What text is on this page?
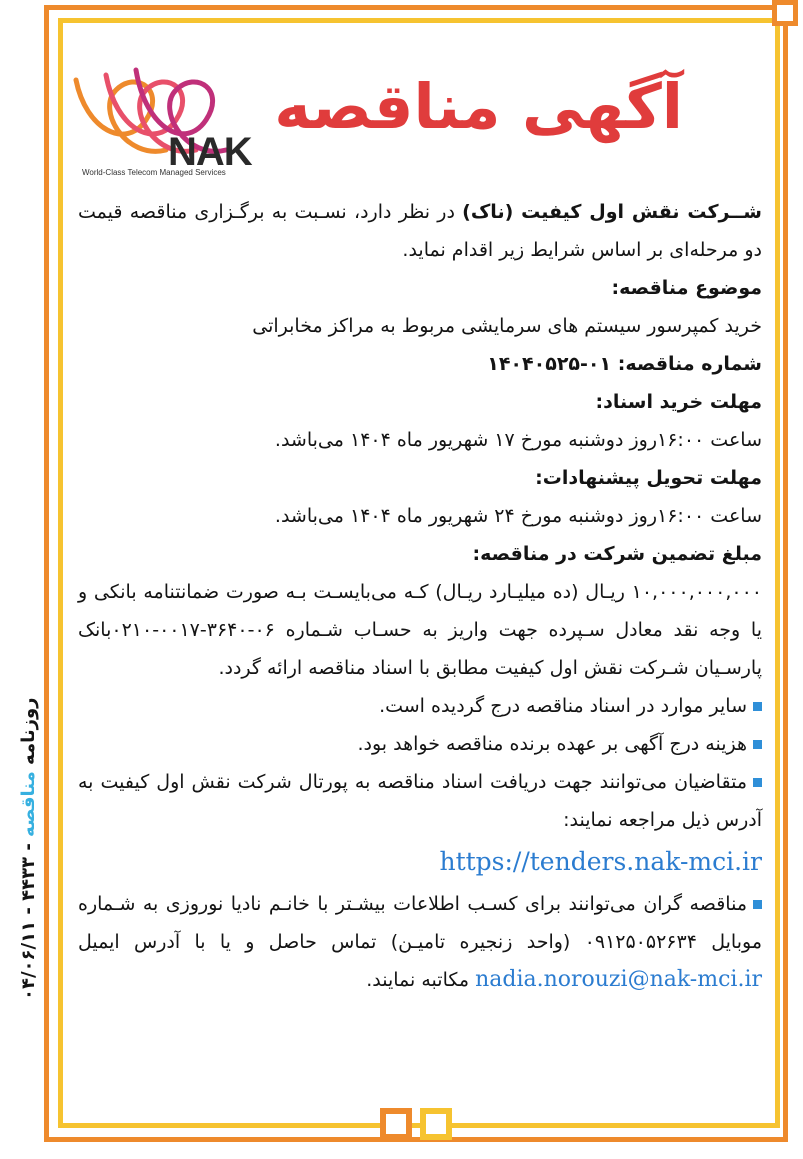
NAK
World-Class Telecom Managed Services
آگهی مناقصه

شــرکت نقش اول کیفیت (ناک) در نظر دارد، نسـبت به برگـزاری مناقصه قیمت دو مرحله‌ای بر اساس شرایط زیر اقدام نماید.

موضوع مناقصه:

خرید کمپرسور سیستم های سرمایشی مربوط به مراکز مخابراتی

شماره مناقصه: ۰۱-۱۴۰۴۰۵۲۵

مهلت خرید اسناد:

ساعت ۱۶:۰۰روز دوشنبه مورخ ۱۷ شهریور ماه ۱۴۰۴ می‌باشد.

مهلت تحویل پیشنهادات:

ساعت ۱۶:۰۰روز دوشنبه مورخ ۲۴ شهریور ماه ۱۴۰۴ می‌باشد.

مبلغ تضمین شرکت در مناقصه:

۱۰,۰۰۰,۰۰۰,۰۰۰ ریـال (ده میلیـارد ریـال) کـه می‌بایسـت بـه صورت ضمانتنامه بانکی و یا وجه نقد معادل سـپرده جهت واریز به حسـاب شـماره ۰۶-۳۶۴۰-۰۰۱۷-۰۲۱۰بانک پارسـیان شـرکت نقش اول کیفیت مطابق با اسناد مناقصه ارائه گردد.

سایر موارد در اسناد مناقصه درج گردیده است.

هزینه درج آگهی بر عهده برنده مناقصه خواهد بود.

متقاضیان می‌توانند جهت دریافت اسناد مناقصه به پورتال شرکت نقش اول کیفیت به آدرس ذیل مراجعه نمایند:

https://tenders.nak-mci.ir

مناقصه گران می‌توانند برای کسـب اطلاعات بیشـتر با خانـم نادیا نوروزی به شـماره موبایل ۰۹۱۲۵۰۵۲۶۳۴ (واحد زنجیره تامیـن) تماس حاصل و یا با آدرس ایمیل nadia.norouzi@nak-mci.ir مکاتبه نمایند.

روزنامه مناقصه - ۴۴۳۳ - ۰۴/۰۶/۱۱
